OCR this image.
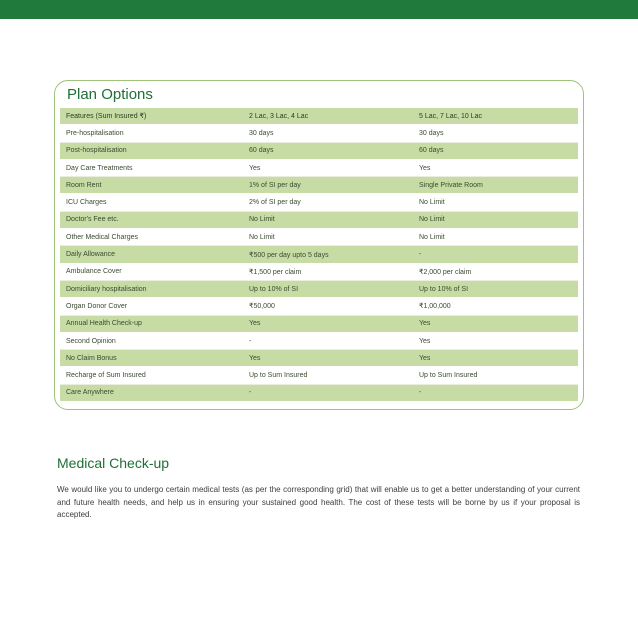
Plan Options
Features (Sum Insured ₹)	2 Lac, 3 Lac, 4 Lac	5 Lac, 7 Lac, 10 Lac
Pre-hospitalisation	30 days	30 days
Post-hospitalisation	60 days	60 days
Day Care Treatments	Yes	Yes
Room Rent	1% of SI per day	Single Private Room
ICU Charges	2% of SI per day	No Limit
Doctor's Fee etc.	No Limit	No Limit
Other Medical Charges	No Limit	No Limit
Daily Allowance	₹500 per day upto 5 days	-
Ambulance Cover	₹1,500 per claim	₹2,000 per claim
Domiciliary hospitalisation	Up to 10% of SI	Up to 10% of SI
Organ Donor Cover	₹50,000	₹1,00,000
Annual Health Check-up	Yes	Yes
Second Opinion	-	Yes
No Claim Bonus	Yes	Yes
Recharge of Sum Insured	Up to Sum Insured	Up to Sum Insured
Care Anywhere	-	-
Medical Check-up

We would like you to undergo certain medical tests (as per the corresponding grid) that will enable us to get a better understanding of your current and future health needs, and help us in ensuring your sustained good health. The cost of these tests will be borne by us if your proposal is accepted.
